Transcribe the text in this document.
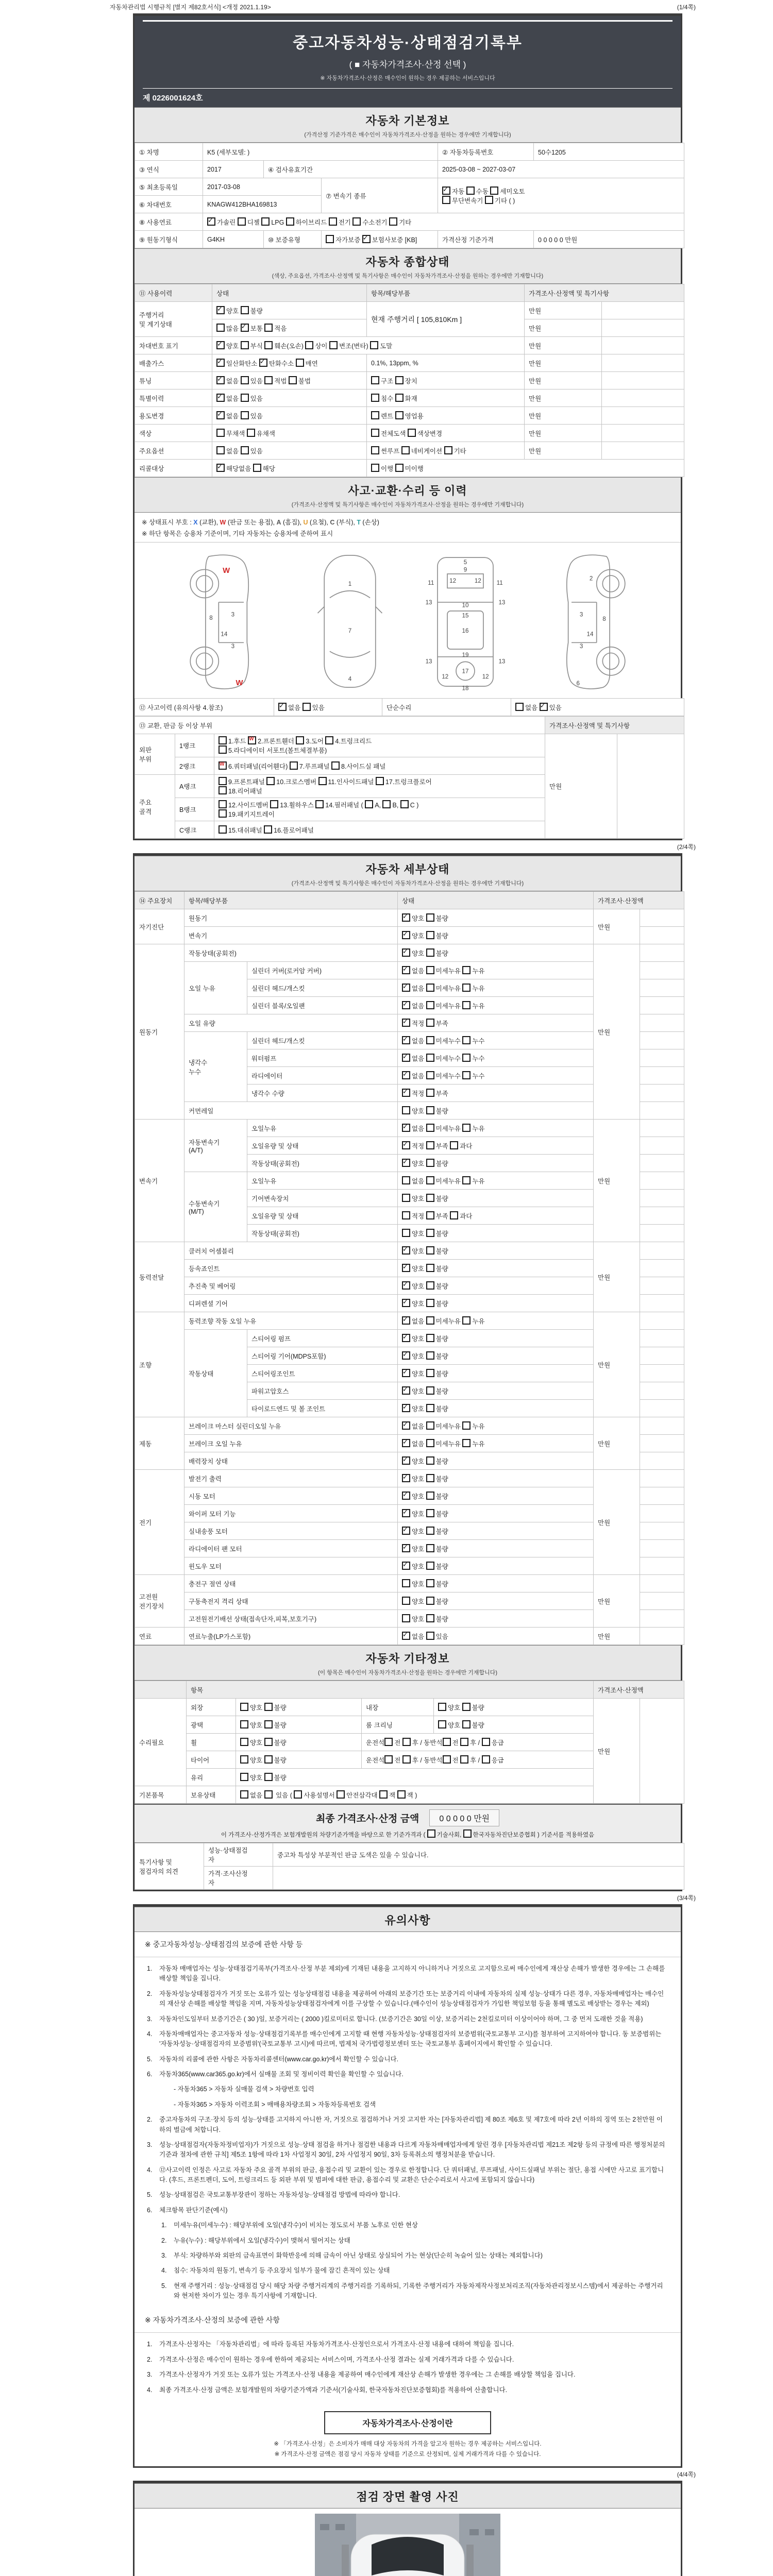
자동차관리법 시행규칙 [별지 제82호서식] <개정 2021.1.19>	(1/4쪽)
중고자동차성능·상태점검기록부
( ■ 자동차가격조사·산정 선택 )
※ 자동차가격조사·산정은 매수인이 원하는 경우 제공하는 서비스입니다
제 0226001624호
자동차 기본정보
(가격산정 기준가격은 매수인이 자동차가격조사·산정을 원하는 경우에만 기재합니다)
① 차명	K5 (세부모델: )			② 자동차등록번호	50수1205
③ 연식	2017	④ 검사유효기간		2025-03-08 ~ 2027-03-07	
⑤ 최초등록일	2017-03-08		⑦ 변속기 종류	✓자동 수동 세미오토
무단변속기 기타 ( )
⑥ 차대번호	KNAGW412BHA169813				
⑧ 사용연료	✓가솔린 디젤 LPG 하이브리드 전기 수소전기 기타
⑨ 원동기형식	G4KH	⑩ 보증유형	자가보증 ✓보험사보증 [KB]	가격산정 기준가격	0 0 0 0 0 만원
자동차 종합상태
(색상, 주요옵션, 가격조사·산정액 및 특기사항은 매수인이 자동차가격조사·산정을 원하는 경우에만 기재합니다)
⑪ 사용이력	상태	항목/해당부품	가격조사·산정액 및 특기사항	
주행거리
및 계기상태	✓양호 불량	현재 주행거리 [ 105,810Km ]	만원	
	많음 ✓보통 적음		만원	
차대번호 표기	✓양호 부식 훼손(오손) 상이 변조(변타) 도말		만원	
배출가스	✓일산화탄소 ✓탄화수소 매연	0.1%, 13ppm, %	만원	
튜닝	✓없음 있음 적법 불법	구조 장치	만원	
특별이력	✓없음 있음	침수 화재	만원	
용도변경	✓없음 있음	렌트 영업용	만원	
색상	무채색 유채색	전체도색 색상변경	만원	
주요옵션	없음 있음	썬루프 네비게이션 기타	만원	
리콜대상	✓해당없음 해당	이행 미이행		
사고·교환·수리 등 이력
(가격조사·산정액 및 특기사항은 매수인이 자동차가격조사·산정을 원하는 경우에만 기재합니다)
※ 상태표시 부호 : X (교환), W (판금 또는 용접), A (흠집), U (요철), C (부식), T (손상)
※ 하단 항목은 승용차 기준이며, 기타 자동차는 승용차에 준하여 표시
W
8	3
14
3
W
1
7
4
5
11	11
12	12
9
13	13
10
15
16
19
13	13
12	12
17
18
2
3
8
14
3
6
⑫ 사고이력 (유의사항 4.참조)	✓없음 있음	단순수리	없음 ✓있음
⑬ 교환, 판금 등 이상 부위			가격조사·산정액 및 특기사항	
외판
부위	1랭크	1.후드 W2.프론트휀더 3.도어 4.트렁크리드
5.라디에이터 서포트(볼트체결부품)	만원	
	2랭크	W6.쿼터패널(리어휀다) 7.루프패널 8.사이드실 패널
주요
골격	A랭크	9.프론트패널 10.크로스멤버 11.인사이드패널 17.트렁크플로어
18.리어패널		
	B랭크	12.사이드멤버 13.휠하우스 14.필러패널 ( A, B, C )
19.패키지트레이		
	C랭크	15.대쉬패널 16.플로어패널		
(2/4쪽)
자동차 세부상태
(가격조사·산정액 및 특기사항은 매수인이 자동차가격조사·산정을 원하는 경우에만 기재합니다)
⑭ 주요장치	항목/해당부품		상태	가격조사·산정액	
자기진단	원동기	✓양호 불량	만원	
	변속기	✓양호 불량	
원동기	작동상태(공회전)	✓양호 불량	만원	
	오일 누유	실린더 커버(로커암 커버)	✓없음 미세누유 누유	
		실린더 헤드/개스킷	✓없음 미세누유 누유	
		실린더 블록/오일팬	✓없음 미세누유 누유	
	오일 유량	✓적정 부족	
	냉각수
누수	실린더 헤드/개스킷	✓없음 미세누수 누수	
		워터펌프	✓없음 미세누수 누수	
		라디에이터	✓없음 미세누수 누수	
		냉각수 수량	✓적정 부족	
	커먼레일		양호 불량		
변속기	자동변속기
(A/T)	오일누유	✓없음 미세누유 누유	만원	
		오일유량 및 상태	✓적정 부족 과다	
		작동상태(공회전)	✓양호 불량	
	수동변속기
(M/T)	오일누유	없음 미세누유 누유		
		기어변속장치	양호 불량		
		오일유량 및 상태	적정 부족 과다		
		작동상태(공회전)	양호 불량		
동력전달	클러치 어셈블리	✓양호 불량	만원	
	등속죠인트	✓양호 불량	
	추진축 및 베어링	✓양호 불량	
	디퍼렌셜 기어	✓양호 불량	
조향	동력조향 작동 오일 누유	✓없음 미세누유 누유	만원	
	작동상태	스티어링 펌프	✓양호 불량	
		스티어링 기어(MDPS포함)	✓양호 불량	
		스티어링조인트	✓양호 불량	
		파워고압호스	✓양호 불량	
		타이로드엔드 및 볼 조인트	✓양호 불량	
제동	브레이크 마스터 실린더오일 누유	✓없음 미세누유 누유	만원	
	브레이크 오일 누유	✓없음 미세누유 누유	
	배력장치 상태	✓양호 불량	
전기	발전기 출력	✓양호 불량	만원	
	시동 모터	✓양호 불량	
	와이퍼 모터 기능	✓양호 불량	
	실내송풍 모터	✓양호 불량	
	라디에이터 팬 모터	✓양호 불량	
	윈도우 모터	✓양호 불량	
고전원
전기장치	충전구 절연 상태		양호 불량	만원	
	구동축전지 격리 상태		양호 불량		
	고전원전기배선 상태(접속단자,피복,보호기구)		양호 불량		
연료	연료누출(LP가스포함)	✓없음 있음	만원	
자동차 기타정보
(이 항목은 매수인이 자동차가격조사·산정을 원하는 경우에만 기재합니다)
	항목				가격조사·산정액	
수리필요	외장	양호 불량	내장	양호 불량	만원	
	광택	양호 불량	룸 크리닝	양호 불량		
	휠	양호 불량	운전석 전 후 / 동반석 전 후 / 응급			
	타이어	양호 불량	운전석 전 후 / 동반석 전 후 / 응급			
	유리	양호 불량				
기본품목	보유상태	없음  있음 ( 사용설명서 안전삼각대 잭 잭 )				
최종 가격조사·산정 금액	0 0 0 0 0 만원
이 가격조사·산정가격은 보험개발원의 차량기준가액을 바탕으로 한 기준가격과 ( 기술사회, 한국자동차진단보증협회 ) 기준서를 적용하였음
특기사항 및
점검자의 의견	성능·상태점검
자	중고차 특성상 부분적인 판금 도색은 있을 수 있습니다.
	가격·조사산정
자	
(3/4쪽)
유의사항
※ 중고자동차성능·상태점검의 보증에 관한 사항 등
1.	자동차 매매업자는 성능·상태점검기록부(가격조사·산정 부분 제외)에 기재된 내용을 고지하지 아니하거나 거짓으로 고지함으로써 매수인에게 재산상 손해가 발생한 경우에는 그 손해를 배상할 책임을 집니다.
2.	자동차성능상태점검자가 거짓 또는 오류가 있는 성능상태점검 내용을 제공하여 아래의 보증기간 또는 보증거리 이내에 자동차의 실제 성능·상태가 다른 경우, 자동차매매업자는 매수인의 재산상 손해를 배상할 책임을 지며, 자동차성능상태점검자에게 이를 구상할 수 있습니다.(매수인이 성능상태점검자가 가입한 책임보험 등을 통해 별도로 배상받는 경우는 제외)
3.	자동차인도일부터 보증기간은 ( 30 )일, 보증거리는 ( 2000 )킬로미터로 합니다. (보증기간은 30일 이상, 보증거리는 2천킬로미터 이상이어야 하며, 그 중 먼저 도래한 것을 적용)
4.	자동차매매업자는 중고자동차 성능·상태점검기록부를 매수인에게 고지할 때 현행 자동차성능·상태점검자의 보증범위(국토교통부 고시)를 첨부하여 고지하여야 합니다. 동 보증범위는 '자동차성능·상태점검자의 보증범위'(국토교통부 고시)에 따르며, 법제처 국가법령정보센터 또는 국토교통부 홈페이지에서 확인할 수 있습니다.
5.	자동차의 리콜에 관한 사항은 자동차리콜센터(www.car.go.kr)에서 확인할 수 있습니다.
6.	자동차365(www.car365.go.kr)에서 실매물 조회 및 정비이력 확인을 확인할 수 있습니다.
- 자동차365 > 자동차 실매물 검색 > 차량번호 입력
- 자동차365 > 자동차 이력조회 > 매매용차량조회 > 자동차등록번호 검색
2.	중고자동차의 구조·장치 등의 성능·상태를 고지하지 아니한 자, 거짓으로 점검하거나 거짓 고지한 자는 [자동차관리법] 제 80조 제6호 및 제7호에 따라 2년 이하의 징역 또는 2천만원 이하의 벌금에 처합니다.
3.	성능·상태점검자(자동차정비업자)가 거짓으로 성능·상태 점검을 하거나 점검한 내용과 다르게 자동차매매업자에게 알린 경우 [자동차관리법 제21조 제2항 등의 규정에 따른 행정처분의 기준과 절차에 관한 규칙] 제5조 1항에 따라 1차 사업정지 30일, 2차 사업정지 90일, 3차 등록취소의 행정처분을 받습니다.
4.	⑫사고이력 인정은 사고로 자동차 주요 골격 부위의 판금, 용접수리 및 교환이 있는 경우로 한정합니다. 단 쿼터패널, 루프패널, 사이드실패널 부위는 절단, 용접 시에만 사고로 표기합니다. (후드, 프론트펜더, 도어, 트렁크리드 등 외판 부위 및 범퍼에 대한 판금, 용접수리 및 교환은 단순수리로서 사고에 포함되지 않습니다)
5.	성능·상태점검은 국토교통부장관이 정하는 자동차성능·상태점검 방법에 따라야 합니다.
6.	체크항목 판단기준(예시)
1.	미세누유(미세누수) : 해당부위에 오일(냉각수)이 비치는 정도로서 부품 노후로 인한 현상
2.	누유(누수) : 해당부위에서 오일(냉각수)이 맺혀서 떨어지는 상태
3.	부식: 차량하부와 외판의 금속표면이 화학반응에 의해 금속이 아닌 상태로 상실되어 가는 현상(단순히 녹슬어 있는 상태는 제외합니다)
4.	침수: 자동차의 원동기, 변속기 등 주요장치 일부가 물에 잠긴 흔적이 있는 상태
5.	현재 주행거리 : 성능·상태점검 당시 해당 차량 주행거리계의 주행거리를 기록하되, 기록한 주행거리가 자동차제작사정보처리조직(자동차관리정보시스템)에서 제공하는 주행거리와 현저한 차이가 있는 경우 특기사항에 기재합니다.
※ 자동차가격조사·산정의 보증에 관한 사항
1.	가격조사·산정자는 「자동차관리법」에 따라 등록된 자동차가격조사·산정인으로서 가격조사·산정 내용에 대하여 책임을 집니다.
2.	가격조사·산정은 매수인이 원하는 경우에 한하여 제공되는 서비스이며, 가격조사·산정 결과는 실제 거래가격과 다를 수 있습니다.
3.	가격조사·산정자가 거짓 또는 오류가 있는 가격조사·산정 내용을 제공하여 매수인에게 재산상 손해가 발생한 경우에는 그 손해를 배상할 책임을 집니다.
4.	최종 가격조사·산정 금액은 보험개발원의 차량기준가액과 기준서(기술사회, 한국자동차진단보증협회)를 적용하여 산출합니다.
자동차가격조사·산정이란
※ 「가격조사·산정」은 소비자가 매매 대상 자동차의 가격을 알고자 원하는 경우 제공하는 서비스입니다.
※ 가격조사·산정 금액은 점검 당시 자동차 상태를 기준으로 산정되며, 실제 거래가격과 다를 수 있습니다.
(4/4쪽)
점검 장면 촬영 사진
